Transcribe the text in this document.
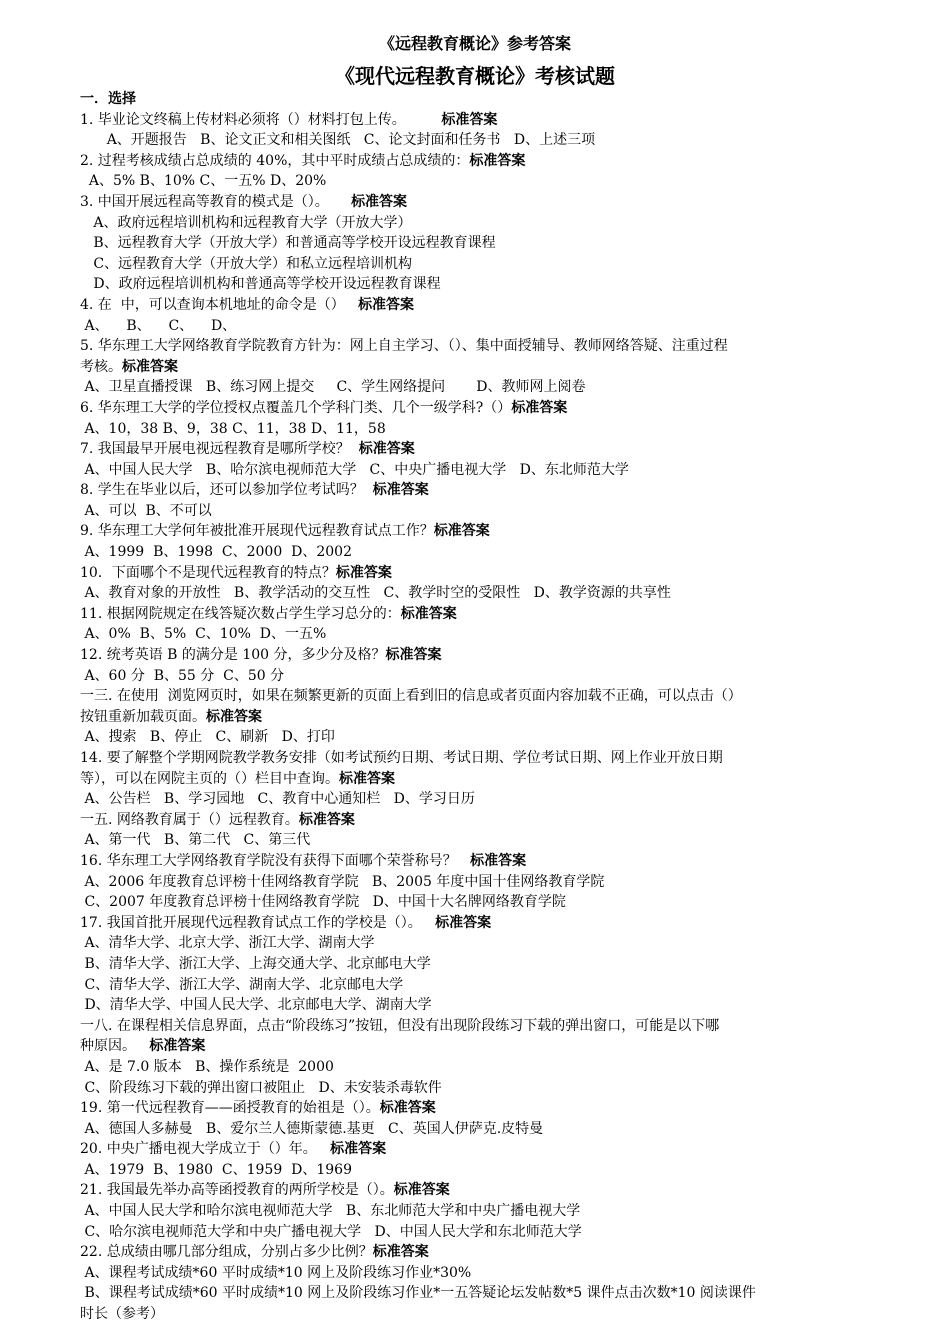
《远程教育概论》参考答案
《现代远程教育概论》考核试题
一．选择
1. 毕业论文终稿上传材料必须将（）材料打包上传。        标准答案
A、开题报告   B、论文正文和相关图纸   C、论文封面和任务书   D、上述三项
2. 过程考核成绩占总成绩的 40%，其中平时成绩占总成绩的：标准答案
A、5% B、10% C、一五% D、20%
3. 中国开展远程高等教育的模式是（）。     标准答案
A、政府远程培训机构和远程教育大学（开放大学）
B、远程教育大学（开放大学）和普通高等学校开设远程教育课程
C、远程教育大学（开放大学）和私立远程培训机构
D、政府远程培训机构和普通高等学校开设远程教育课程
4. 在  中，可以查询本机地址的命令是（）   标准答案
A、    B、    C、    D、
5. 华东理工大学网络教育学院教育方针为：网上自主学习、（）、集中面授辅导、教师网络答疑、注重过程
考核。标准答案
A、卫星直播授课   B、练习网上提交     C、学生网络提问       D、教师网上阅卷
6. 华东理工大学的学位授权点覆盖几个学科门类、几个一级学科?（）标准答案
A、10，38 B、9，38 C、11，38 D、11，58
7. 我国最早开展电视远程教育是哪所学校？  标准答案
A、中国人民大学   B、哈尔滨电视师范大学   C、中央广播电视大学   D、东北师范大学
8. 学生在毕业以后，还可以参加学位考试吗？  标准答案
A、可以  B、不可以
9. 华东理工大学何年被批准开展现代远程教育试点工作？标准答案
A、1999  B、1998  C、2000  D、2002
10．下面哪个不是现代远程教育的特点？标准答案
A、教育对象的开放性   B、教学活动的交互性   C、教学时空的受限性   D、教学资源的共享性
11. 根据网院规定在线答疑次数占学生学习总分的：标准答案
A、0%  B、5%  C、10%  D、一五%
12. 统考英语 B 的满分是 100 分，多少分及格？标准答案
A、60 分  B、55 分  C、50 分
一三. 在使用  浏览网页时，如果在频繁更新的页面上看到旧的信息或者页面内容加载不正确，可以点击（）
按钮重新加载页面。标准答案
A、搜索   B、停止   C、刷新   D、打印
14. 要了解整个学期网院教学教务安排（如考试预约日期、考试日期、学位考试日期、网上作业开放日期
等），可以在网院主页的（）栏目中查询。标准答案
A、公告栏   B、学习园地   C、教育中心通知栏   D、学习日历
一五. 网络教育属于（）远程教育。标准答案
A、第一代   B、第二代   C、第三代
16. 华东理工大学网络教育学院没有获得下面哪个荣誉称号？   标准答案
A、2006 年度教育总评榜十佳网络教育学院   B、2005 年度中国十佳网络教育学院
C、2007 年度教育总评榜十佳网络教育学院   D、中国十大名牌网络教育学院
17. 我国首批开展现代远程教育试点工作的学校是（）。   标准答案
A、清华大学、北京大学、浙江大学、湖南大学
B、清华大学、浙江大学、上海交通大学、北京邮电大学
C、清华大学、浙江大学、湖南大学、北京邮电大学
D、清华大学、中国人民大学、北京邮电大学、湖南大学
一八. 在课程相关信息界面，点击“阶段练习”按钮，但没有出现阶段练习下载的弹出窗口，可能是以下哪
种原因。   标准答案
A、是 7.0 版本   B、操作系统是  2000
C、阶段练习下载的弹出窗口被阻止   D、未安装杀毒软件
19. 第一代远程教育——函授教育的始祖是（）。标准答案
A、德国人多赫曼   B、爱尔兰人德斯蒙德.基更   C、英国人伊萨克.皮特曼
20. 中央广播电视大学成立于（）年。   标准答案
A、1979  B、1980  C、1959  D、1969
21. 我国最先举办高等函授教育的两所学校是（）。标准答案
A、中国人民大学和哈尔滨电视师范大学   B、东北师范大学和中央广播电视大学
C、哈尔滨电视师范大学和中央广播电视大学   D、中国人民大学和东北师范大学
22. 总成绩由哪几部分组成，分别占多少比例？标准答案
A、课程考试成绩*60 平时成绩*10 网上及阶段练习作业*30%
B、课程考试成绩*60 平时成绩*10 网上及阶段练习作业*一五答疑论坛发帖数*5 课件点击次数*10 阅读课件
时长（参考）
